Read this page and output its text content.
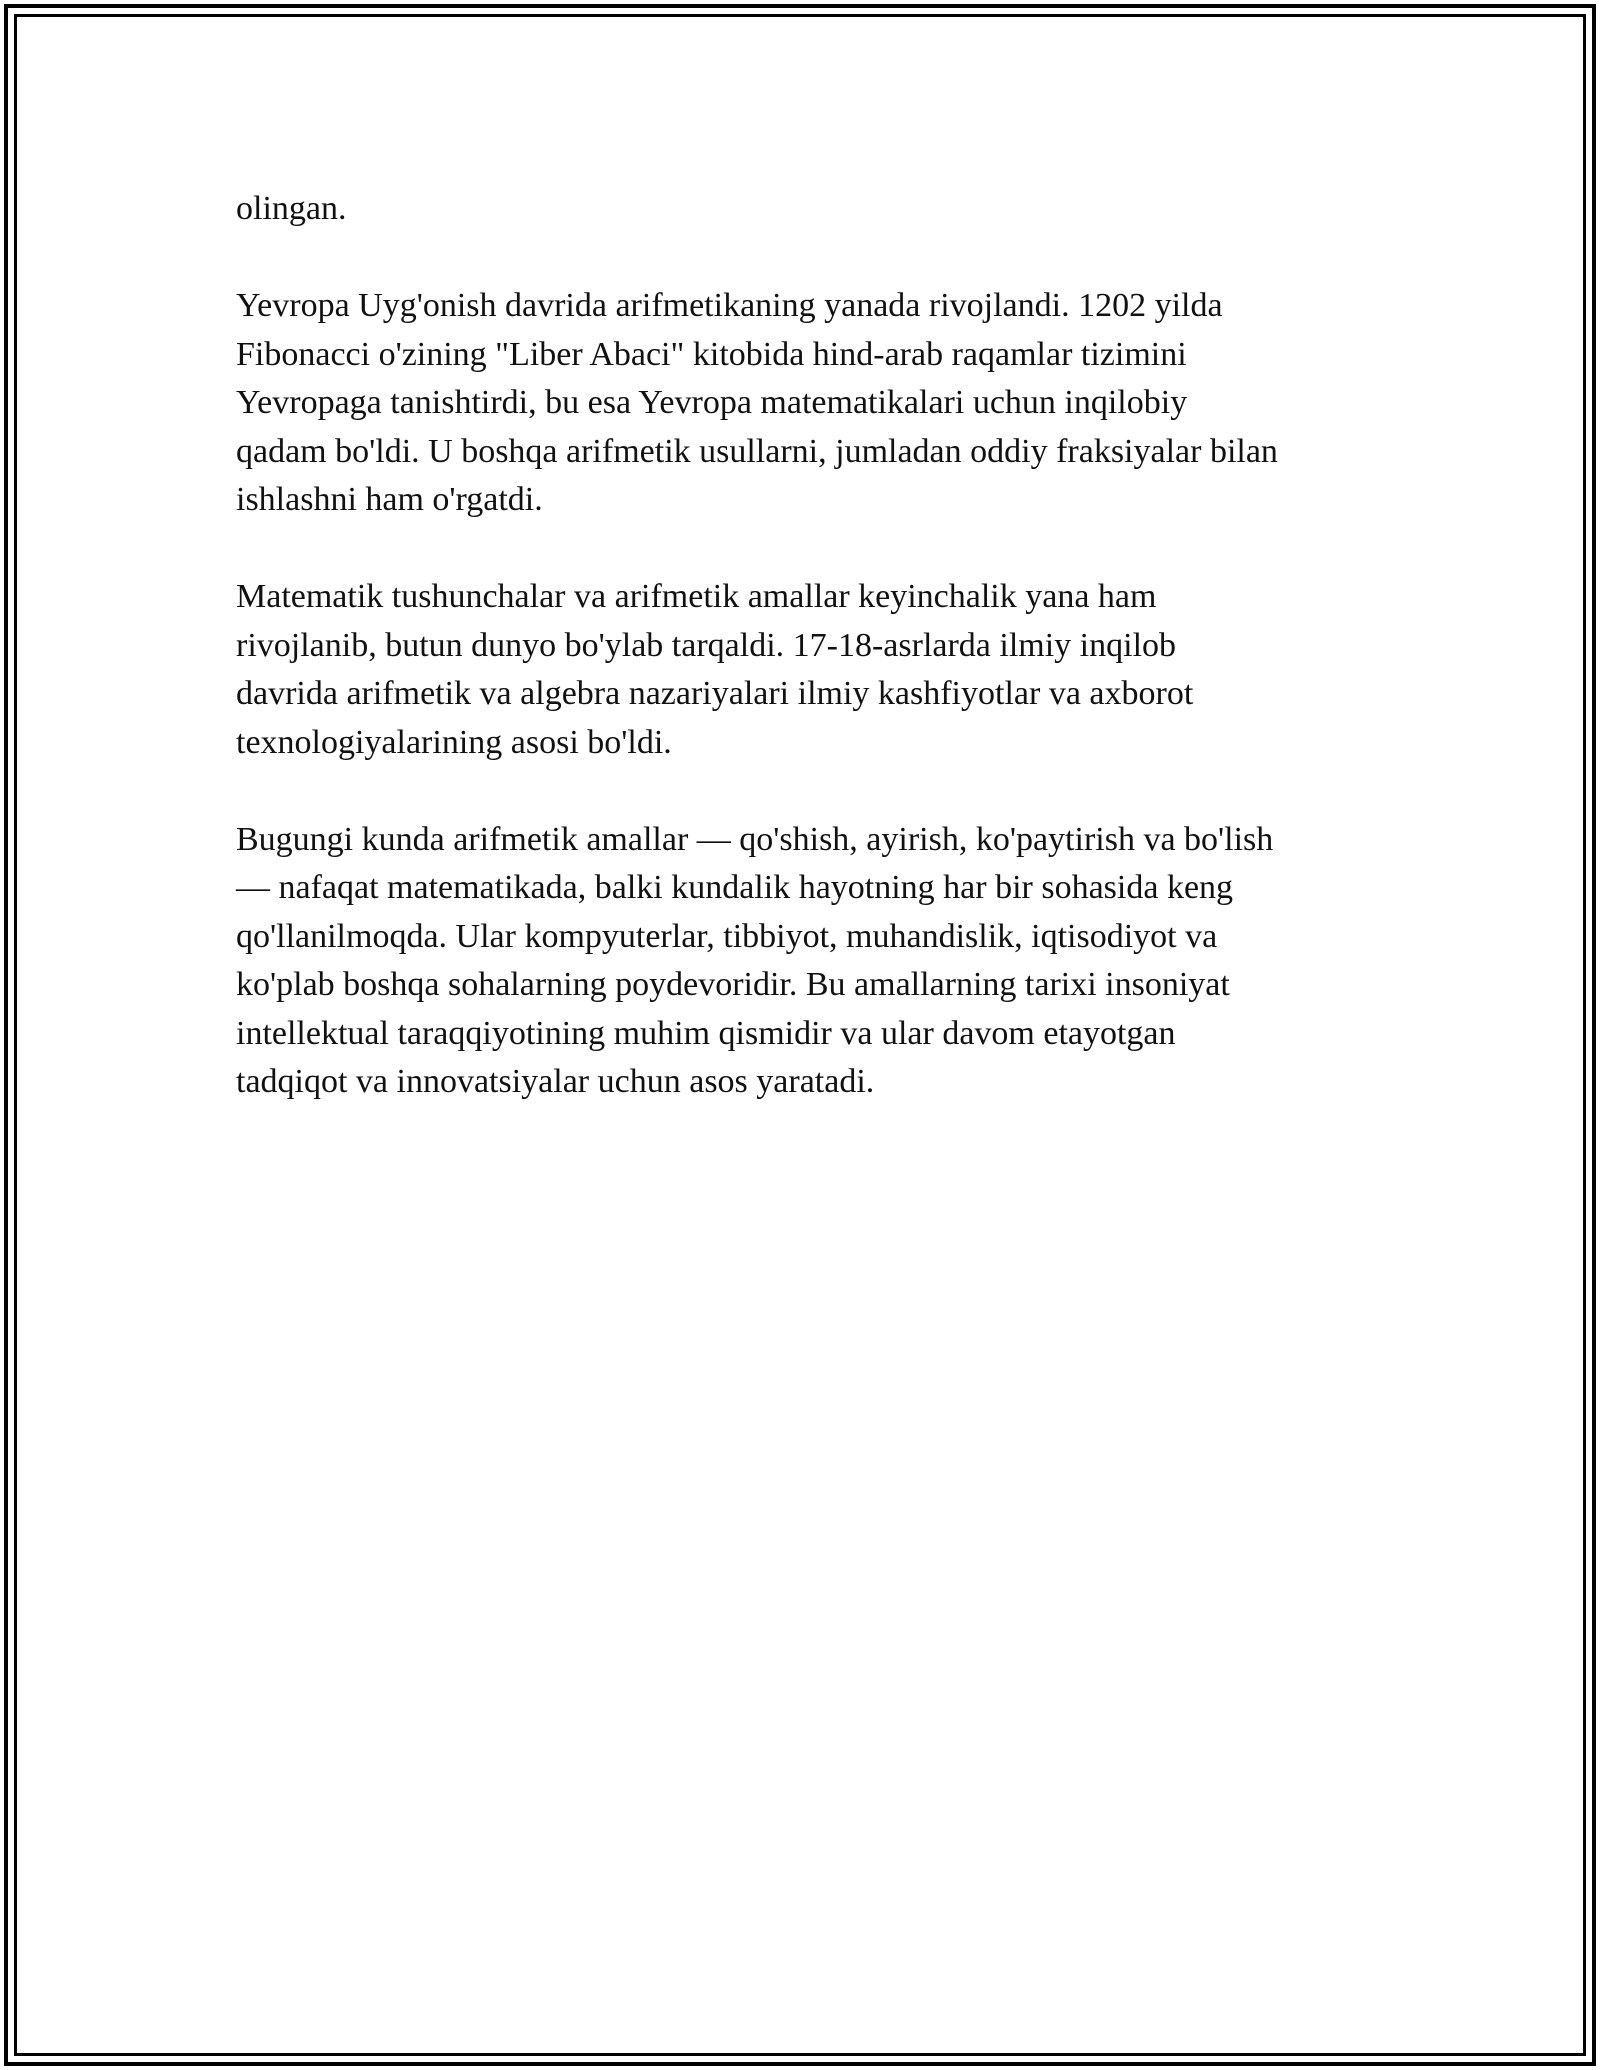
olingan.

Yevropa Uyg'onish davrida arifmetikaning yanada rivojlandi. 1202 yilda
Fibonacci o'zining "Liber Abaci" kitobida hind-arab raqamlar tizimini
Yevropaga tanishtirdi, bu esa Yevropa matematikalari uchun inqilobiy
qadam bo'ldi. U boshqa arifmetik usullarni, jumladan oddiy fraksiyalar bilan
ishlashni ham o'rgatdi.

Matematik tushunchalar va arifmetik amallar keyinchalik yana ham
rivojlanib, butun dunyo bo'ylab tarqaldi. 17-18-asrlarda ilmiy inqilob
davrida arifmetik va algebra nazariyalari ilmiy kashfiyotlar va axborot
texnologiyalarining asosi bo'ldi.

Bugungi kunda arifmetik amallar — qo'shish, ayirish, ko'paytirish va bo'lish
— nafaqat matematikada, balki kundalik hayotning har bir sohasida keng
qo'llanilmoqda. Ular kompyuterlar, tibbiyot, muhandislik, iqtisodiyot va
ko'plab boshqa sohalarning poydevoridir. Bu amallarning tarixi insoniyat
intellektual taraqqiyotining muhim qismidir va ular davom etayotgan
tadqiqot va innovatsiyalar uchun asos yaratadi.
